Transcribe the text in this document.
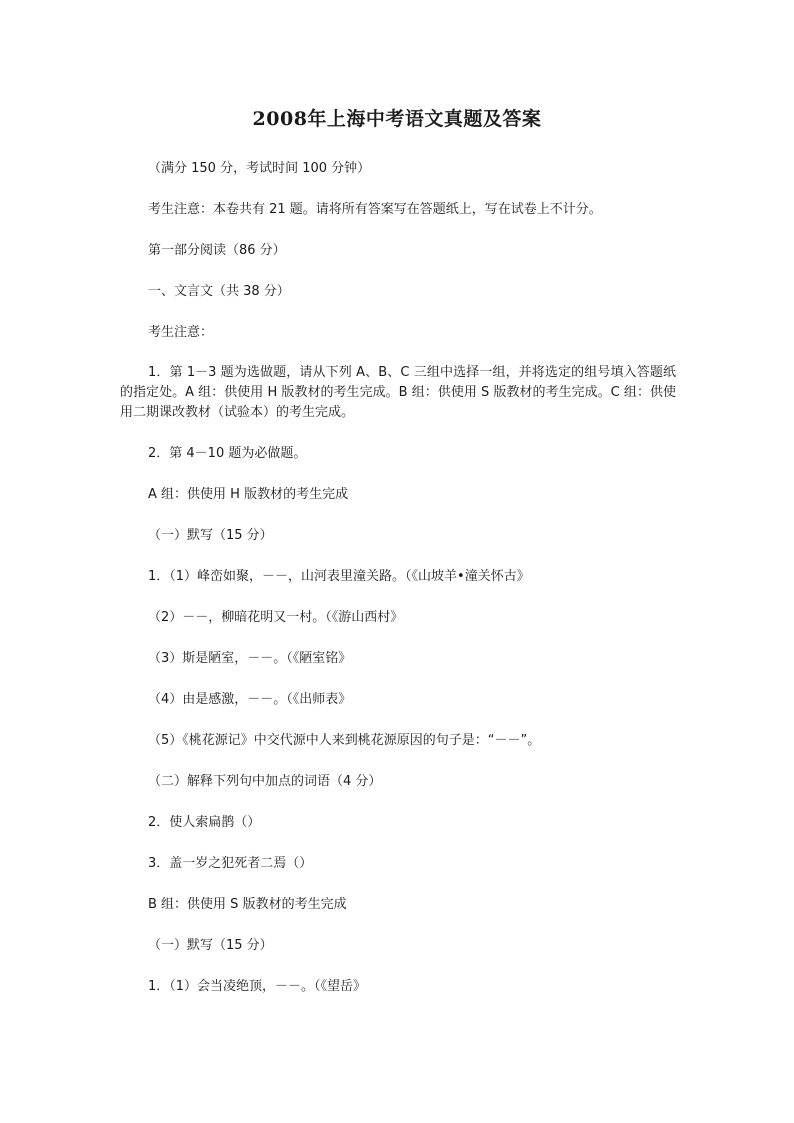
2008年上海中考语文真题及答案

（满分 150 分，考试时间 100 分钟）

考生注意：本卷共有 21 题。请将所有答案写在答题纸上，写在试卷上不计分。

第一部分阅读（86 分）

一、文言文（共 38 分）

考生注意：

1．第 1－3 题为选做题，请从下列 A、B、C 三组中选择一组，并将选定的组号填入答题纸的指定处。A 组：供使用 H 版教材的考生完成。B 组：供使用 S 版教材的考生完成。C 组：供使用二期课改教材（试验本）的考生完成。

2．第 4－10 题为必做题。

A 组：供使用 H 版教材的考生完成

（一）默写（15 分）

1．（1）峰峦如聚，－－，山河表里潼关路。（《山坡羊•潼关怀古》

（2）－－，柳暗花明又一村。（《游山西村》

（3）斯是陋室，－－。（《陋室铭》

（4）由是感激，－－。（《出师表》

（5）《桃花源记》中交代源中人来到桃花源原因的句子是：“－－”。

（二）解释下列句中加点的词语（4 分）

2．使人索扁鹊（）

3．盖一岁之犯死者二焉（）

B 组：供使用 S 版教材的考生完成

（一）默写（15 分）

1．（1）会当凌绝顶，－－。（《望岳》
